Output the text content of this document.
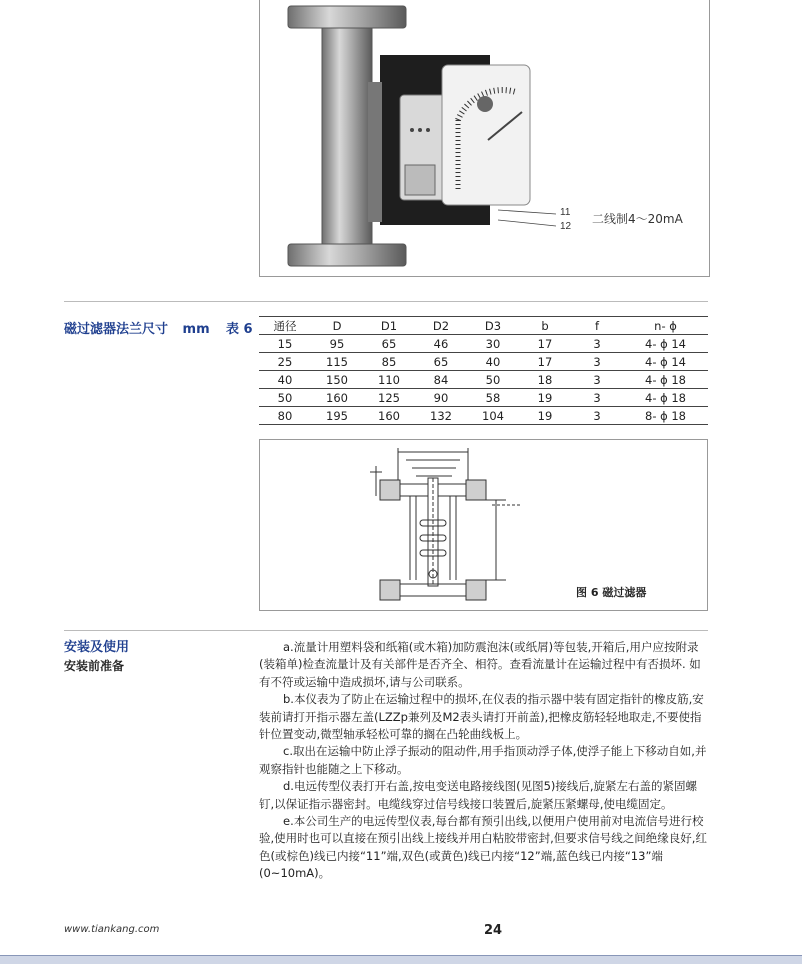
11
12
二线制4～20mA
磁过滤器法兰尺寸 mm 表 6 通径	D	D1	D2	D3	b	f	n- ϕ
15	95	65	46	30	17	3	4- ϕ 14
25	115	85	65	40	17	3	4- ϕ 14
40	150	110	84	50	18	3	4- ϕ 18
50	160	125	90	58	19	3	4- ϕ 18
80	195	160	132	104	19	3	8- ϕ 18
图 6 磁过滤器
安装及使用
安装前准备

a.流量计用塑料袋和纸箱(或木箱)加防震泡沫(或纸屑)等包装,开箱后,用户应按附录(装箱单)检查流量计及有关部件是否齐全、相符。查看流量计在运输过程中有否损坏. 如有不符或运输中造成损坏,请与公司联系。

b.本仪表为了防止在运输过程中的损坏,在仪表的指示器中装有固定指针的橡皮筋,安装前请打开指示器左盖(LZZp兼列及M2表头请打开前盖),把橡皮筋轻轻地取走,不要使指针位置变动,微型轴承轻松可靠的搁在凸轮曲线板上。

c.取出在运输中防止浮子振动的阻动件,用手指顶动浮子体,使浮子能上下移动自如,并观察指针也能随之上下移动。

d.电远传型仪表打开右盖,按电变送电路接线图(见图5)接线后,旋紧左右盖的紧固螺钉,以保证指示器密封。电缆线穿过信号线接口装置后,旋紧压紧螺母,使电缆固定。

e.本公司生产的电远传型仪表,每台都有预引出线,以便用户使用前对电流信号进行校验,使用时也可以直接在预引出线上接线并用白粘胶带密封,但要求信号线之间绝缘良好,红色(或棕色)线已内接“11”端,双色(或黄色)线已内接“12”端,蓝色线已内接“13”端(0~10mA)。

www.tiankang.com	24
